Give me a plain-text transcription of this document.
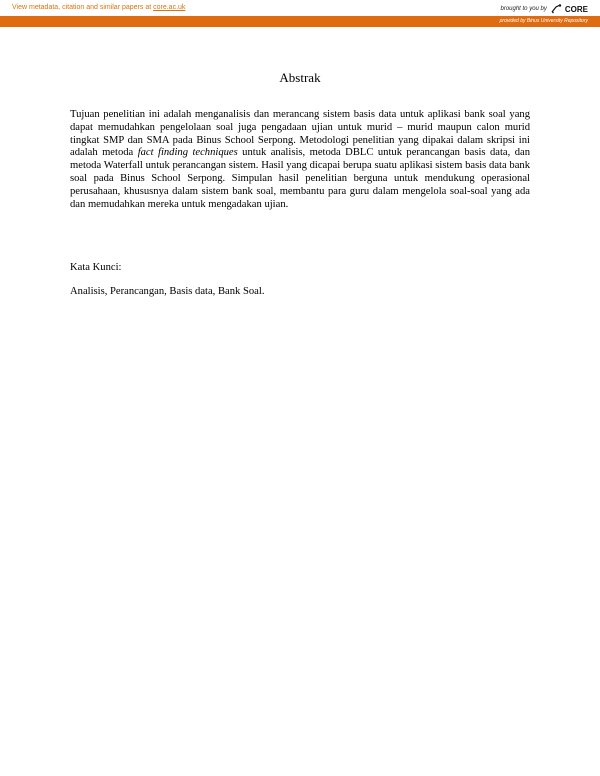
View metadata, citation and similar papers at core.ac.uk	brought to you by CORE
provided by Binus University Repository
Abstrak

Tujuan penelitian ini adalah menganalisis dan merancang sistem basis data untuk aplikasi bank soal yang dapat memudahkan pengelolaan soal juga pengadaan ujian untuk murid – murid maupun calon murid tingkat SMP dan SMA pada Binus School Serpong. Metodologi penelitian yang dipakai dalam skripsi ini adalah metoda fact finding techniques untuk analisis, metoda DBLC untuk perancangan basis data, dan metoda Waterfall untuk perancangan sistem. Hasil yang dicapai berupa suatu aplikasi sistem basis data bank soal pada Binus School Serpong. Simpulan hasil penelitian berguna untuk mendukung operasional perusahaan, khususnya dalam sistem bank soal, membantu para guru dalam mengelola soal-soal yang ada dan memudahkan mereka untuk mengadakan ujian.

Kata Kunci:
Analisis, Perancangan, Basis data, Bank Soal.
